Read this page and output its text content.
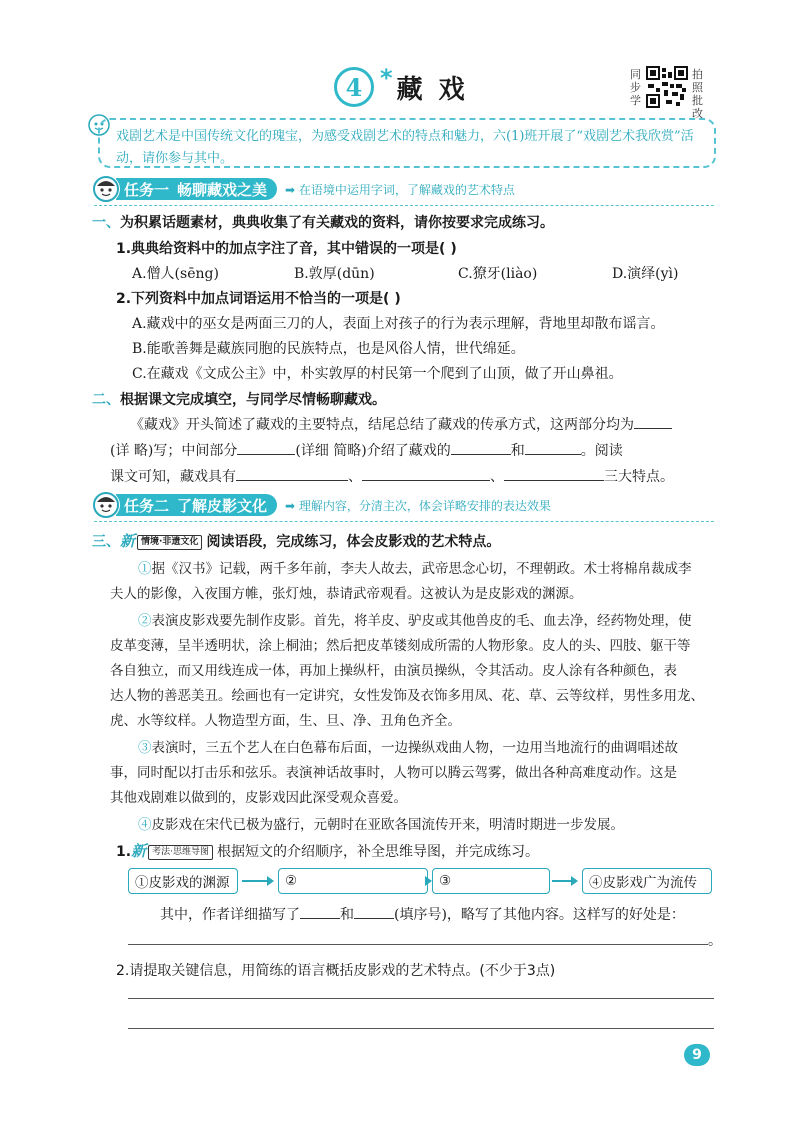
4 * 藏戏	同步学
拍照批改
戏剧艺术是中国传统文化的瑰宝，为感受戏剧艺术的特点和魅力，六(1)班开展了“戏剧艺术我欣赏”活动，请你参与其中。
任务一 畅聊藏戏之美 ➡ 在语境中运用字词，了解藏戏的艺术特点
一、为积累话题素材，典典收集了有关藏戏的资料，请你按要求完成练习。
1.典典给资料中的加点字注了音，其中错误的一项是( )
A.僧人(sēng)	B.敦厚(dūn)	C.獠牙(liào)	D.演绎(yì)
2.下列资料中加点词语运用不恰当的一项是( )
A.藏戏中的巫女是两面三刀的人，表面上对孩子的行为表示理解，背地里却散布谣言。
B.能歌善舞是藏族同胞的民族特点，也是风俗人情，世代绵延。
C.在藏戏《文成公主》中，朴实敦厚的村民第一个爬到了山顶，做了开山鼻祖。
二、根据课文完成填空，与同学尽情畅聊藏戏。
《藏戏》开头简述了藏戏的主要特点，结尾总结了藏戏的传承方式，这两部分均为
(详 略)写；中间部分	(详细 简略)介绍了藏戏的	和	。阅读
课文可知，藏戏具有	、	、	三大特点。
任务二 了解皮影文化 ➡ 理解内容，分清主次，体会详略安排的表达效果
三、新 情境·非遗文化 阅读语段，完成练习，体会皮影戏的艺术特点。
①据《汉书》记载，两千多年前，李夫人故去，武帝思念心切，不理朝政。术士将棉帛裁成李
夫人的影像，入夜围方帷，张灯烛，恭请武帝观看。这被认为是皮影戏的渊源。
②表演皮影戏要先制作皮影。首先，将羊皮、驴皮或其他兽皮的毛、血去净，经药物处理，使
皮革变薄，呈半透明状，涂上桐油；然后把皮革镂刻成所需的人物形象。皮人的头、四肢、躯干等
各自独立，而又用线连成一体，再加上操纵杆，由演员操纵，令其活动。皮人涂有各种颜色，表
达人物的善恶美丑。绘画也有一定讲究，女性发饰及衣饰多用凤、花、草、云等纹样，男性多用龙、
虎、水等纹样。人物造型方面，生、旦、净、丑角色齐全。
③表演时，三五个艺人在白色幕布后面，一边操纵戏曲人物，一边用当地流行的曲调唱述故
事，同时配以打击乐和弦乐。表演神话故事时，人物可以腾云驾雾，做出各种高难度动作。这是
其他戏剧难以做到的，皮影戏因此深受观众喜爱。
④皮影戏在宋代已极为盛行，元朝时在亚欧各国流传开来，明清时期进一步发展。
1.新 考法·思维导图 根据短文的介绍顺序，补全思维导图，并完成练习。
①皮影戏的渊源	②	③	④皮影戏广为流传
其中，作者详细描写了	和	(填序号)，略写了其他内容。这样写的好处是：
。
2.请提取关键信息，用简练的语言概括皮影戏的艺术特点。(不少于3点)
9
